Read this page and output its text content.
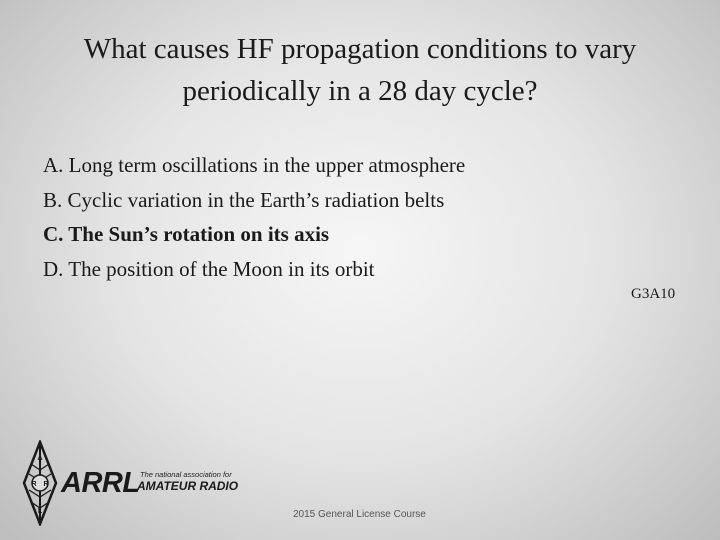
What causes HF propagation conditions to vary
periodically in a 28 day cycle?
A. Long term oscillations in the upper atmosphere
B. Cyclic variation in the Earth’s radiation belts
C. The Sun’s rotation on its axis
D. The position of the Moon in its orbit
G3A10
A
R R
L
ARRL The national association for
AMATEUR RADIO
2015 General License Course
